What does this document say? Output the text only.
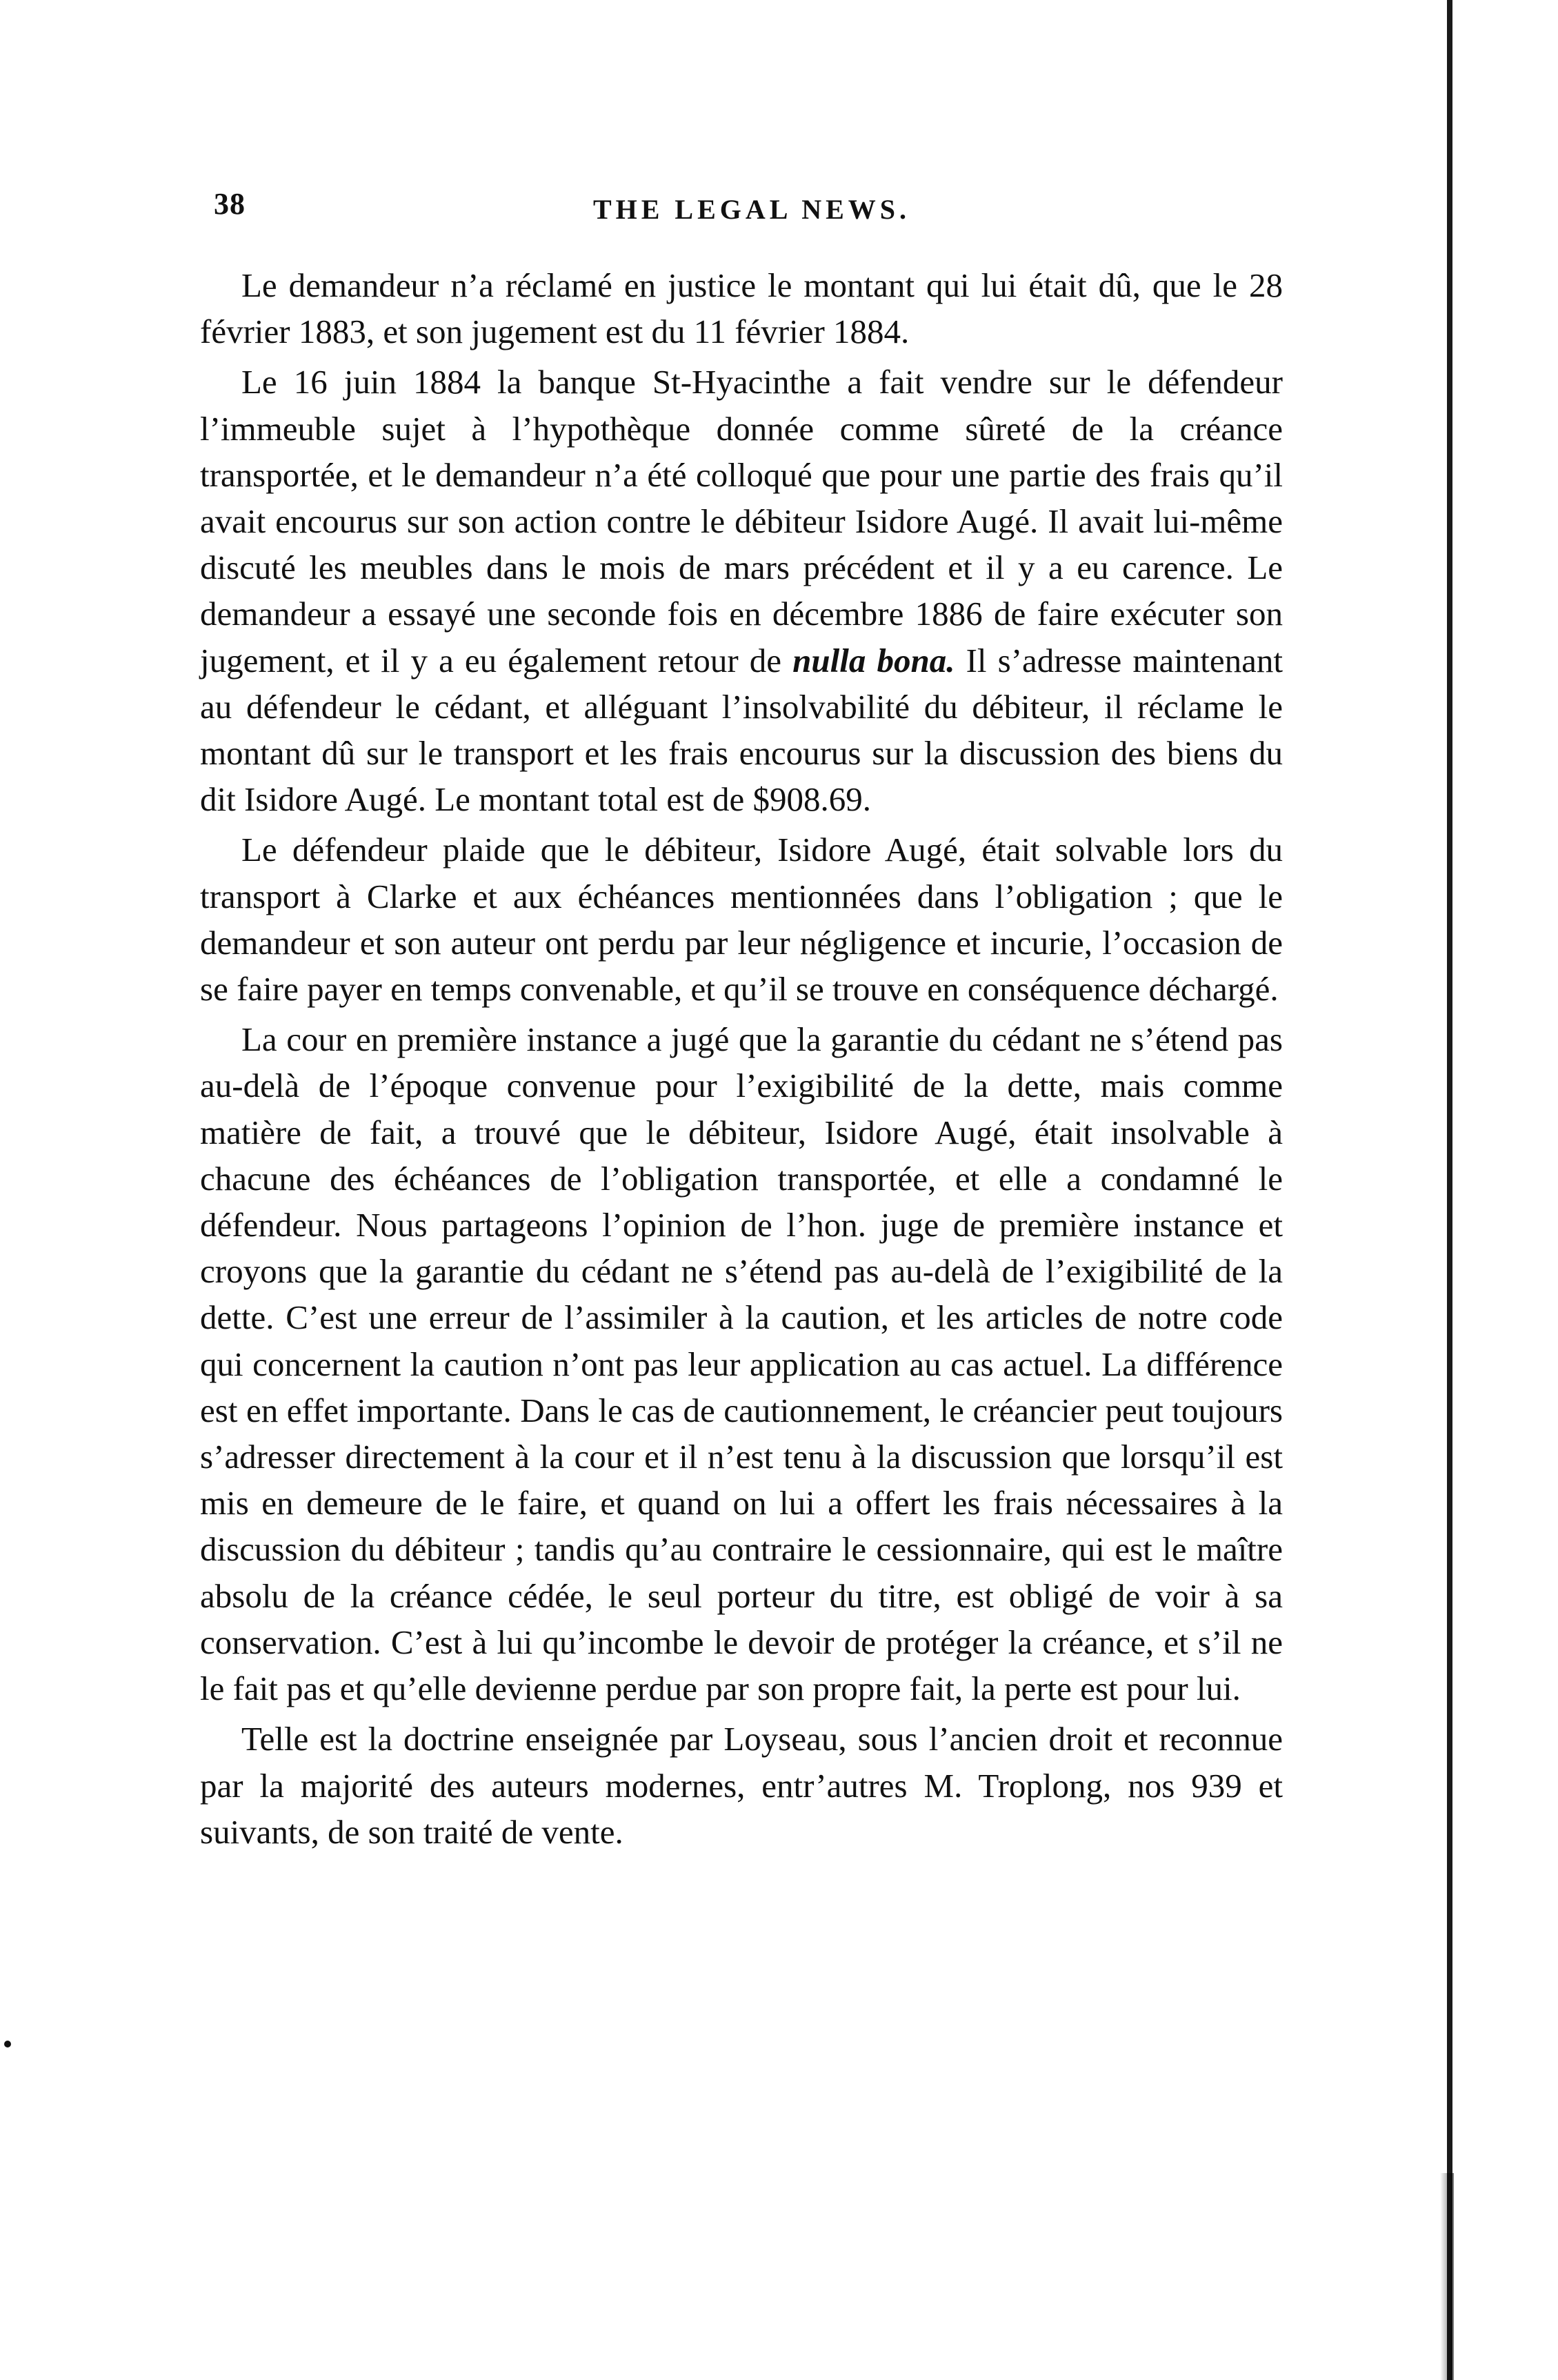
38	THE LEGAL NEWS.

Le demandeur n’a réclamé en justice le montant qui lui était dû, que le 28 février 1883, et son jugement est du 11 février 1884.

Le 16 juin 1884 la banque St-Hyacinthe a fait vendre sur le défendeur l’immeuble sujet à l’hypothèque donnée comme sûreté de la créance transportée, et le demandeur n’a été colloqué que pour une partie des frais qu’il avait encourus sur son action contre le débiteur Isidore Augé. Il avait lui-même discuté les meubles dans le mois de mars précédent et il y a eu carence. Le demandeur a essayé une seconde fois en décembre 1886 de faire exécuter son jugement, et il y a eu également retour de nulla bona. Il s’adresse maintenant au défendeur le cédant, et alléguant l’insolvabilité du débiteur, il réclame le montant dû sur le transport et les frais encourus sur la discussion des biens du dit Isidore Augé. Le montant total est de $908.69.

Le défendeur plaide que le débiteur, Isidore Augé, était solvable lors du transport à Clarke et aux échéances mentionnées dans l’obligation ; que le demandeur et son auteur ont perdu par leur négligence et incurie, l’occasion de se faire payer en temps convenable, et qu’il se trouve en conséquence déchargé.

La cour en première instance a jugé que la garantie du cédant ne s’étend pas au-delà de l’époque convenue pour l’exigibilité de la dette, mais comme matière de fait, a trouvé que le débiteur, Isidore Augé, était insolvable à chacune des échéances de l’obligation transportée, et elle a condamné le défendeur. Nous partageons l’opinion de l’hon. juge de première instance et croyons que la garantie du cédant ne s’étend pas au-delà de l’exigibilité de la dette. C’est une erreur de l’assimiler à la caution, et les articles de notre code qui concernent la caution n’ont pas leur application au cas actuel. La différence est en effet importante. Dans le cas de cautionnement, le créancier peut toujours s’adresser directement à la cour et il n’est tenu à la discussion que lorsqu’il est mis en demeure de le faire, et quand on lui a offert les frais nécessaires à la discussion du débiteur ; tandis qu’au contraire le cessionnaire, qui est le maître absolu de la créance cédée, le seul porteur du titre, est obligé de voir à sa conservation. C’est à lui qu’incombe le devoir de protéger la créance, et s’il ne le fait pas et qu’elle devienne perdue par son propre fait, la perte est pour lui.

Telle est la doctrine enseignée par Loyseau, sous l’ancien droit et reconnue par la majorité des auteurs modernes, entr’autres M. Troplong, nos 939 et suivants, de son traité de vente.
